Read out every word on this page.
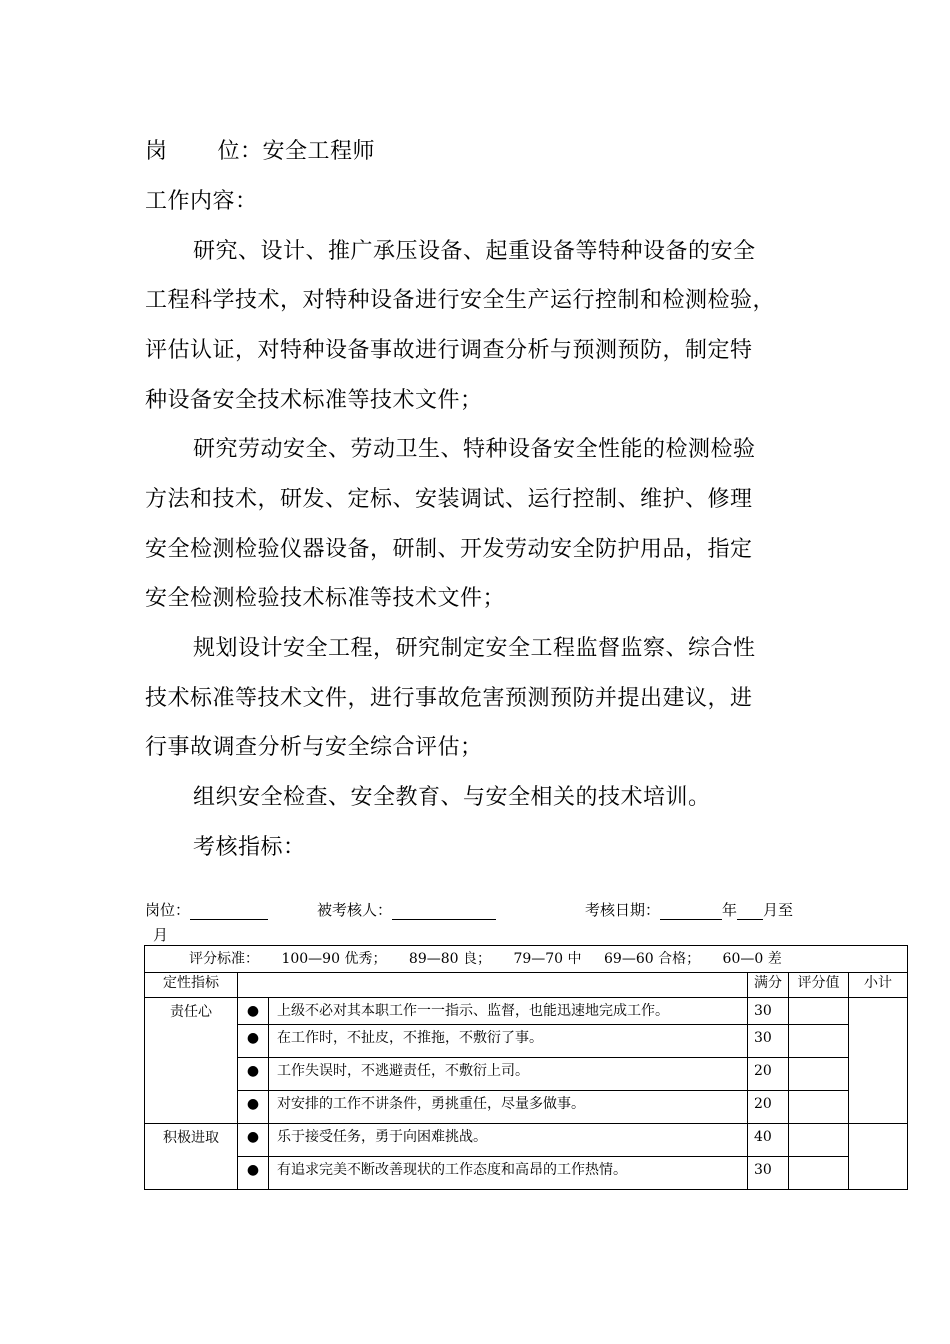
岗 位：安全工程师
工作内容：
研究、设计、推广承压设备、起重设备等特种设备的安全
工程科学技术，对特种设备进行安全生产运行控制和检测检验，
评估认证，对特种设备事故进行调查分析与预测预防，制定特
种设备安全技术标准等技术文件；
研究劳动安全、劳动卫生、特种设备安全性能的检测检验
方法和技术，研发、定标、安装调试、运行控制、维护、修理
安全检测检验仪器设备，研制、开发劳动安全防护用品，指定
安全检测检验技术标准等技术文件；
规划设计安全工程，研究制定安全工程监督监察、综合性
技术标准等技术文件，进行事故危害预测预防并提出建议，进
行事故调查分析与安全综合评估；
组织安全检查、安全教育、与安全相关的技术培训。
考核指标：
岗位：	被考核人：	考核日期：	年 月至
月
评分标准： 100—90 优秀； 89—80 良； 79—70 中 69—60 合格； 60—0 差					
定性指标			满分	评分值	小计
责任心	●	上级不必对其本职工作一一指示、监督，也能迅速地完成工作。	30		
	●	在工作时，不扯皮，不推拖，不敷衍了事。	30		
	●	工作失误时，不逃避责任，不敷衍上司。	20		
	●	对安排的工作不讲条件，勇挑重任，尽量多做事。	20		
积极进取	●	乐于接受任务，勇于向困难挑战。	40		
	●	有追求完美不断改善现状的工作态度和高昂的工作热情。	30		
